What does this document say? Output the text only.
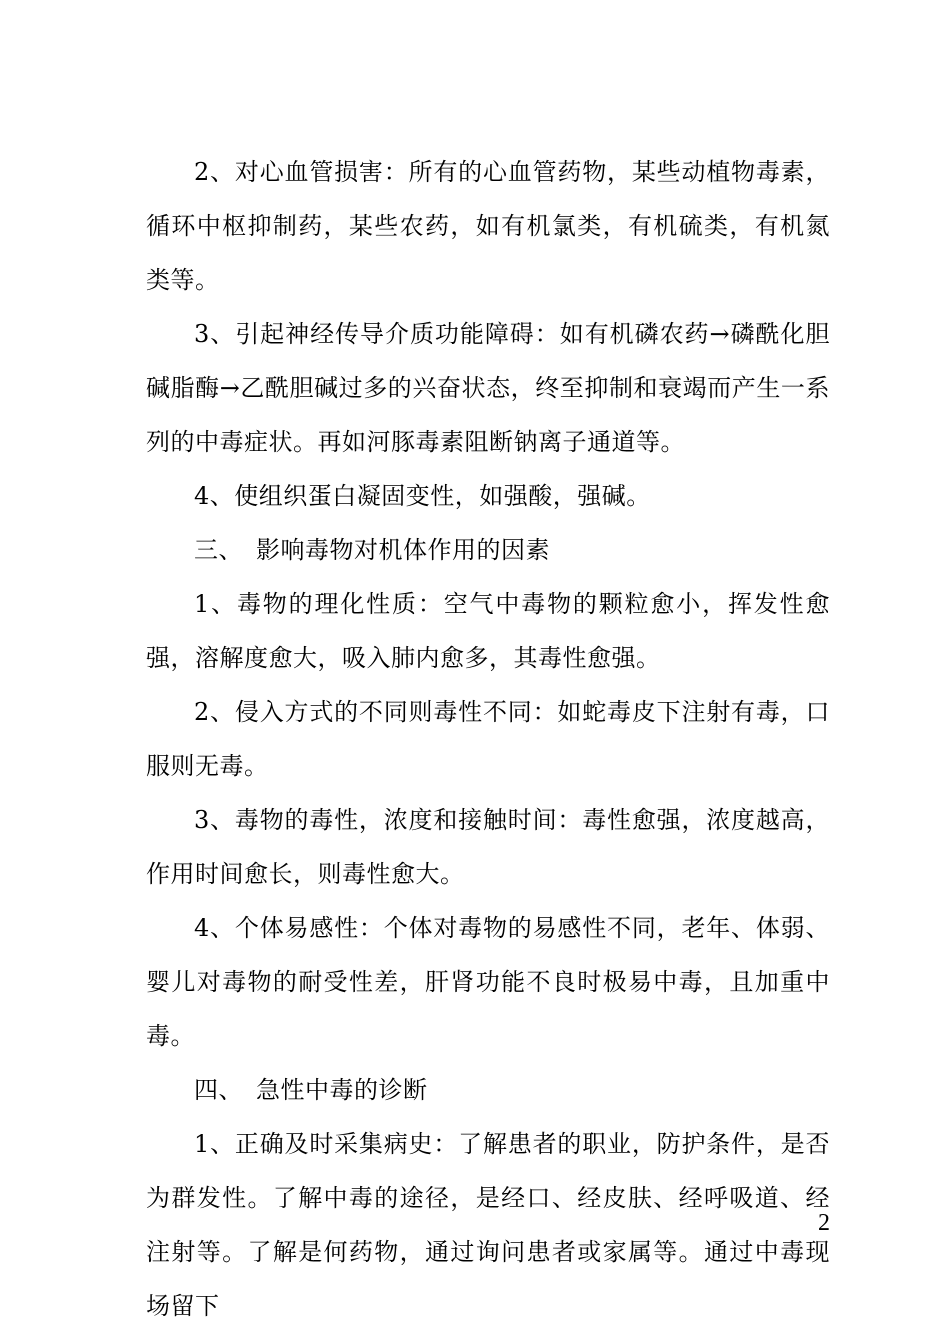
2、对心血管损害：所有的心血管药物，某些动植物毒素，循环中枢抑制药，某些农药，如有机氯类，有机硫类，有机氮类等。

3、引起神经传导介质功能障碍：如有机磷农药→磷酰化胆碱脂酶→乙酰胆碱过多的兴奋状态，终至抑制和衰竭而产生一系列的中毒症状。再如河豚毒素阻断钠离子通道等。

4、使组织蛋白凝固变性，如强酸，强碱。

三、 影响毒物对机体作用的因素

1、毒物的理化性质：空气中毒物的颗粒愈小，挥发性愈强，溶解度愈大，吸入肺内愈多，其毒性愈强。

2、侵入方式的不同则毒性不同：如蛇毒皮下注射有毒，口服则无毒。

3、毒物的毒性，浓度和接触时间：毒性愈强，浓度越高，作用时间愈长，则毒性愈大。

4、个体易感性：个体对毒物的易感性不同，老年、体弱、婴儿对毒物的耐受性差，肝肾功能不良时极易中毒，且加重中毒。

四、 急性中毒的诊断

1、正确及时采集病史：了解患者的职业，防护条件，是否为群发性。了解中毒的途径，是经口、经皮肤、经呼吸道、经注射等。了解是何药物，通过询问患者或家属等。通过中毒现场留下

2
